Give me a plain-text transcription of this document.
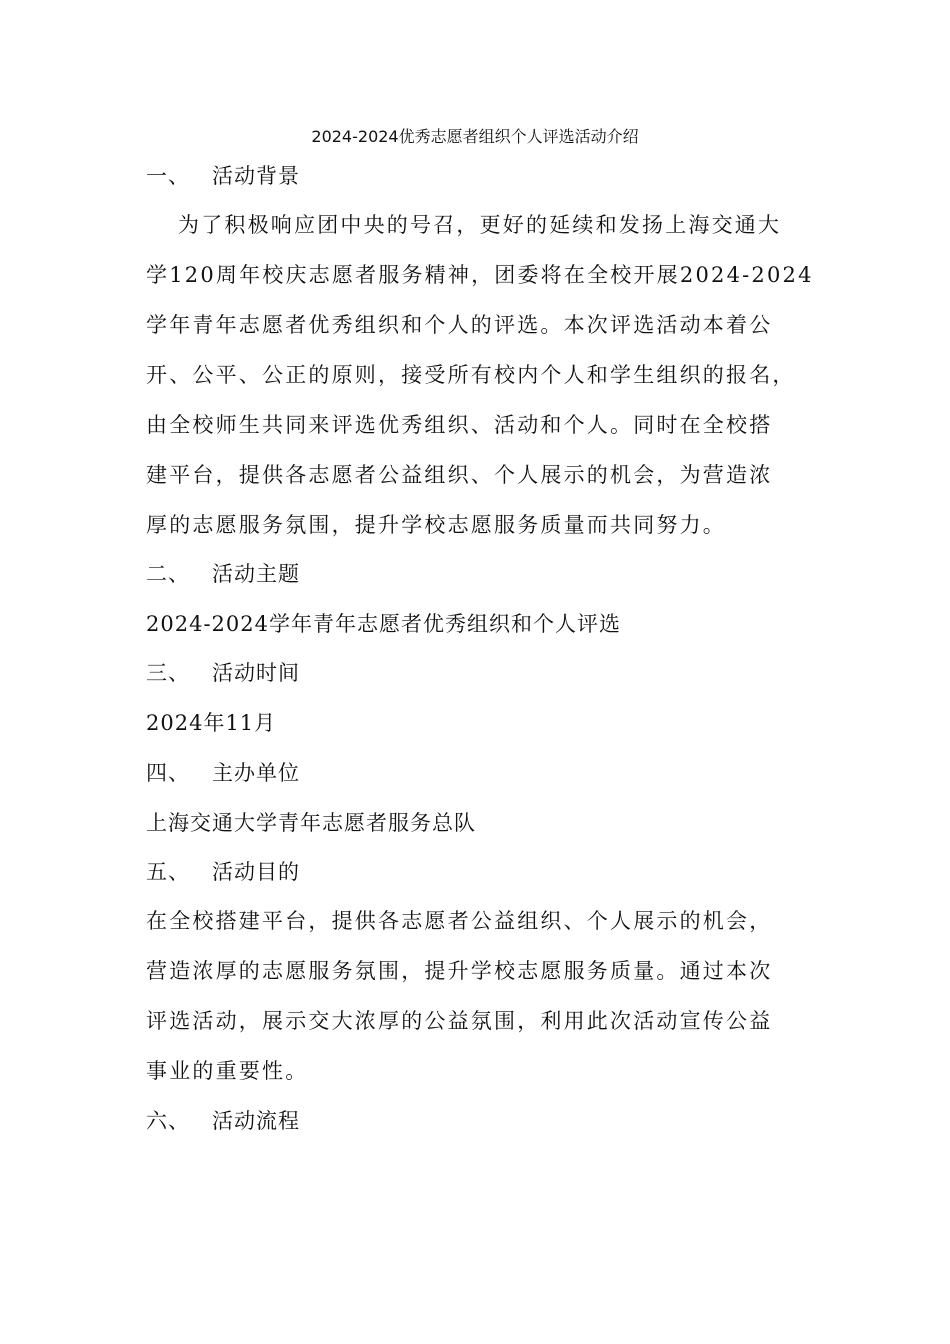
2024-2024优秀志愿者组织个人评选活动介绍
一、 活动背景
为了积极响应团中央的号召，更好的延续和发扬上海交通大
学120周年校庆志愿者服务精神，团委将在全校开展2024-2024
学年青年志愿者优秀组织和个人的评选。本次评选活动本着公
开、公平、公正的原则，接受所有校内个人和学生组织的报名，
由全校师生共同来评选优秀组织、活动和个人。同时在全校搭
建平台，提供各志愿者公益组织、个人展示的机会，为营造浓
厚的志愿服务氛围，提升学校志愿服务质量而共同努力。
二、 活动主题
2024-2024学年青年志愿者优秀组织和个人评选
三、 活动时间
2024年11月
四、 主办单位
上海交通大学青年志愿者服务总队
五、 活动目的
在全校搭建平台，提供各志愿者公益组织、个人展示的机会，
营造浓厚的志愿服务氛围，提升学校志愿服务质量。通过本次
评选活动，展示交大浓厚的公益氛围，利用此次活动宣传公益
事业的重要性。
六、 活动流程
